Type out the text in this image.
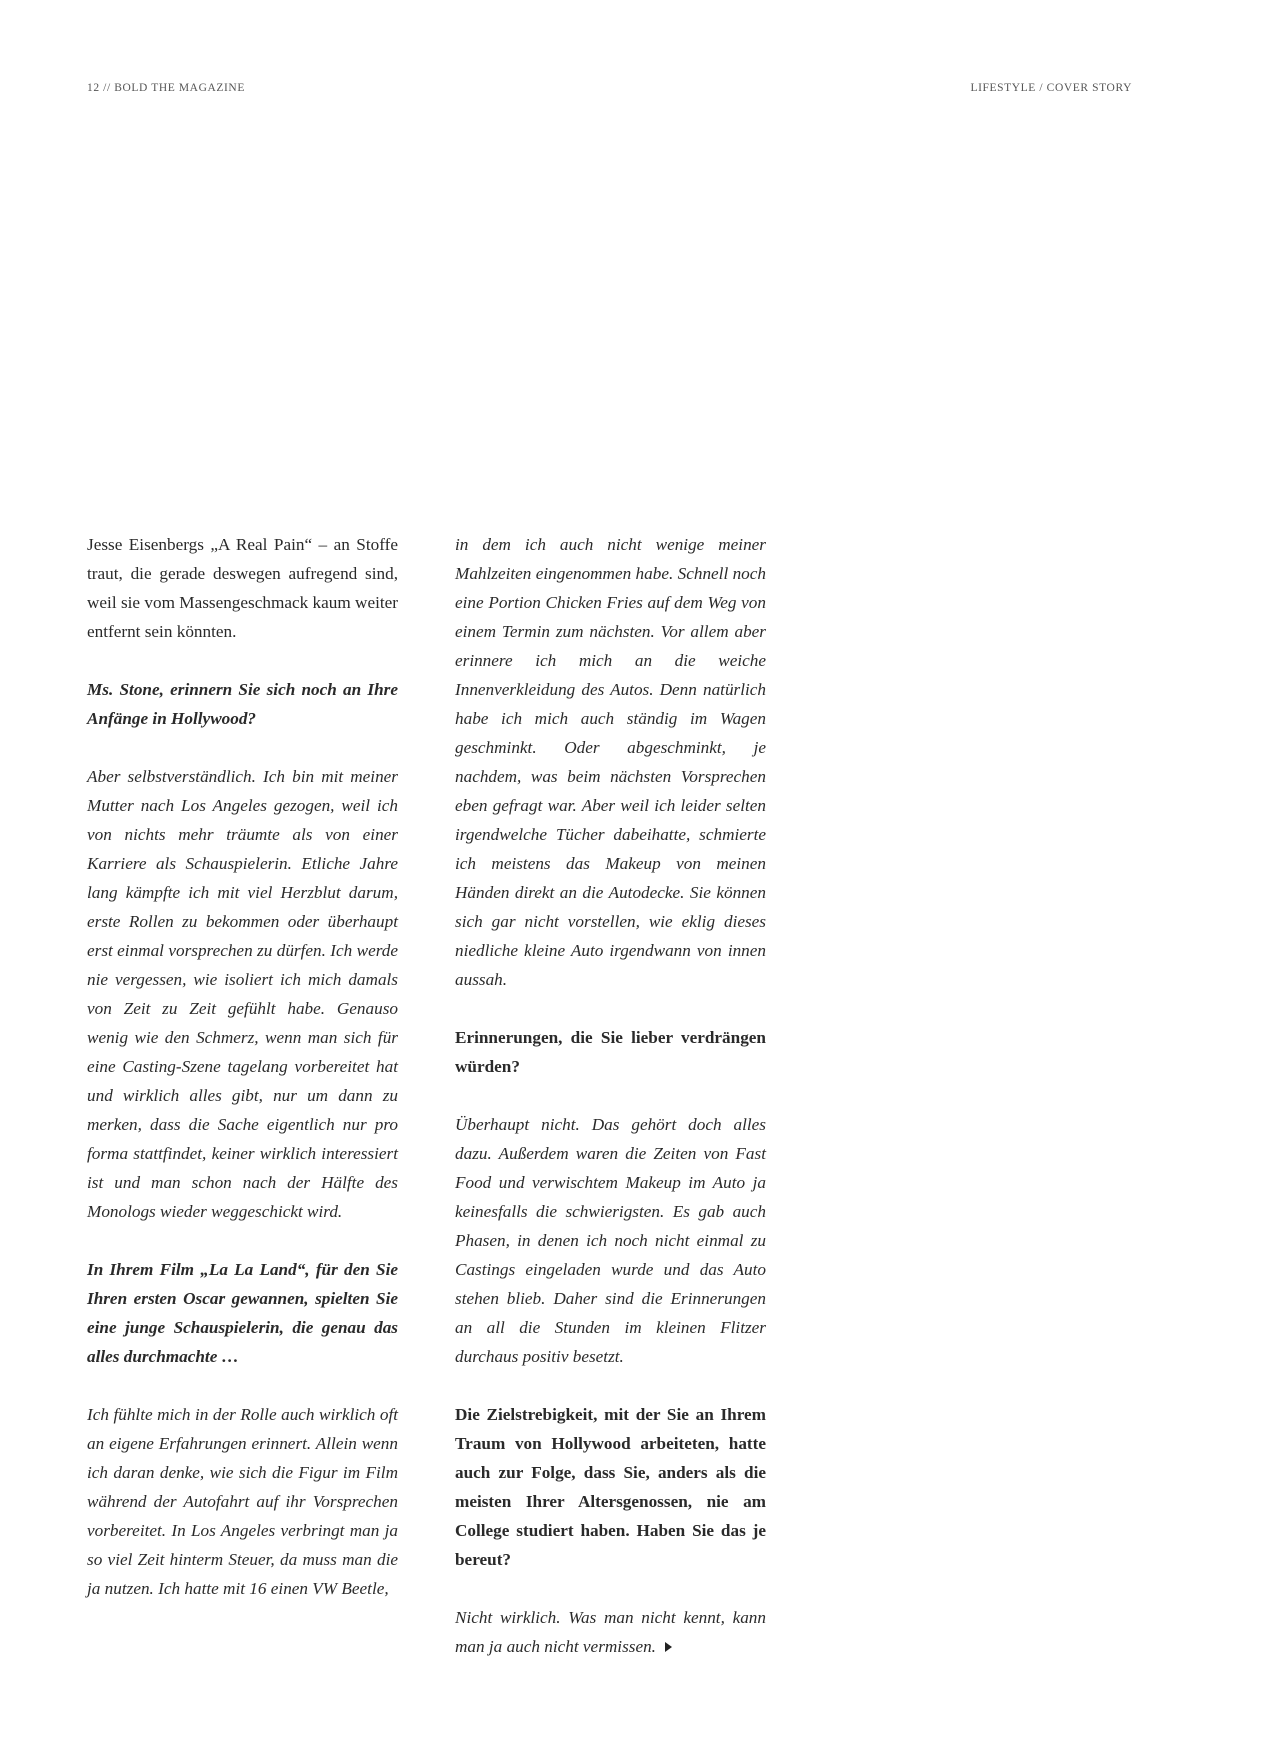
12 // BOLD THE MAGAZINE	LIFESTYLE / COVER STORY

Jesse Eisenbergs „A Real Pain“ – an Stoffe traut, die gerade deswegen aufregend sind, weil sie vom Massengeschmack kaum weiter entfernt sein könnten.

Ms. Stone, erinnern Sie sich noch an Ihre Anfänge in Hollywood?

Aber selbstverständlich. Ich bin mit meiner Mutter nach Los Angeles gezogen, weil ich von nichts mehr träumte als von einer Karriere als Schauspielerin. Etliche Jahre lang kämpfte ich mit viel Herzblut darum, erste Rollen zu bekommen oder überhaupt erst einmal vorsprechen zu dürfen. Ich werde nie vergessen, wie isoliert ich mich damals von Zeit zu Zeit gefühlt habe. Genauso wenig wie den Schmerz, wenn man sich für eine Casting-Szene tagelang vorbereitet hat und wirklich alles gibt, nur um dann zu merken, dass die Sache eigentlich nur pro forma stattfindet, keiner wirklich interessiert ist und man schon nach der Hälfte des Monologs wieder weggeschickt wird.

In Ihrem Film „La La Land“, für den Sie Ihren ersten Oscar gewannen, spielten Sie eine junge Schauspielerin, die genau das alles durchmachte …

Ich fühlte mich in der Rolle auch wirklich oft an eigene Erfahrungen erinnert. Allein wenn ich daran denke, wie sich die Figur im Film während der Autofahrt auf ihr Vorsprechen vorbereitet. In Los Angeles verbringt man ja so viel Zeit hinterm Steuer, da muss man die ja nutzen. Ich hatte mit 16 einen VW Beetle,

in dem ich auch nicht wenige meiner Mahlzeiten eingenommen habe. Schnell noch eine Portion Chicken Fries auf dem Weg von einem Termin zum nächsten. Vor allem aber erinnere ich mich an die weiche Innenverkleidung des Autos. Denn natürlich habe ich mich auch ständig im Wagen geschminkt. Oder abgeschminkt, je nachdem, was beim nächsten Vorsprechen eben gefragt war. Aber weil ich leider selten irgendwelche Tücher dabeihatte, schmierte ich meistens das Makeup von meinen Händen direkt an die Autodecke. Sie können sich gar nicht vorstellen, wie eklig dieses niedliche kleine Auto irgendwann von innen aussah.

Erinnerungen, die Sie lieber verdrängen würden?

Überhaupt nicht. Das gehört doch alles dazu. Außerdem waren die Zeiten von Fast Food und verwischtem Makeup im Auto ja keinesfalls die schwierigsten. Es gab auch Phasen, in denen ich noch nicht einmal zu Castings eingeladen wurde und das Auto stehen blieb. Daher sind die Erinnerungen an all die Stunden im kleinen Flitzer durchaus positiv besetzt.

Die Zielstrebigkeit, mit der Sie an Ihrem Traum von Hollywood arbeiteten, hatte auch zur Folge, dass Sie, anders als die meisten Ihrer Altersgenossen, nie am College studiert haben. Haben Sie das je bereut?

Nicht wirklich. Was man nicht kennt, kann man ja auch nicht vermissen.
